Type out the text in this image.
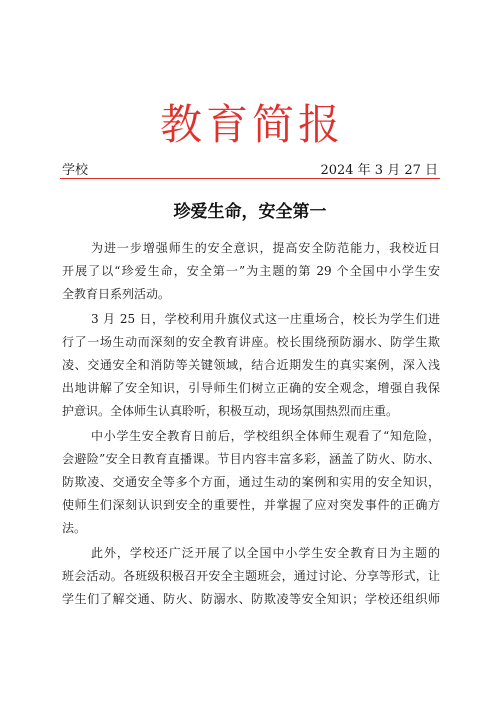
教育简报
学校	2024 年 3 月 27 日
珍爱生命，安全第一
为进一步增强师生的安全意识，提高安全防范能力，我校近日
开展了以“珍爱生命，安全第一”为主题的第 29 个全国中小学生安
全教育日系列活动。
3 月 25 日，学校利用升旗仪式这一庄重场合，校长为学生们进
行了一场生动而深刻的安全教育讲座。校长围绕预防溺水、防学生欺
凌、交通安全和消防等关键领域，结合近期发生的真实案例，深入浅
出地讲解了安全知识，引导师生们树立正确的安全观念，增强自我保
护意识。全体师生认真聆听，积极互动，现场氛围热烈而庄重。
中小学生安全教育日前后，学校组织全体师生观看了“知危险，
会避险”安全日教育直播课。节目内容丰富多彩，涵盖了防火、防水、
防欺凌、交通安全等多个方面，通过生动的案例和实用的安全知识，
使师生们深刻认识到安全的重要性，并掌握了应对突发事件的正确方
法。
此外，学校还广泛开展了以全国中小学生安全教育日为主题的
班会活动。各班级积极召开安全主题班会，通过讨论、分享等形式，让
学生们了解交通、防火、防溺水、防欺凌等安全知识；学校还组织师
